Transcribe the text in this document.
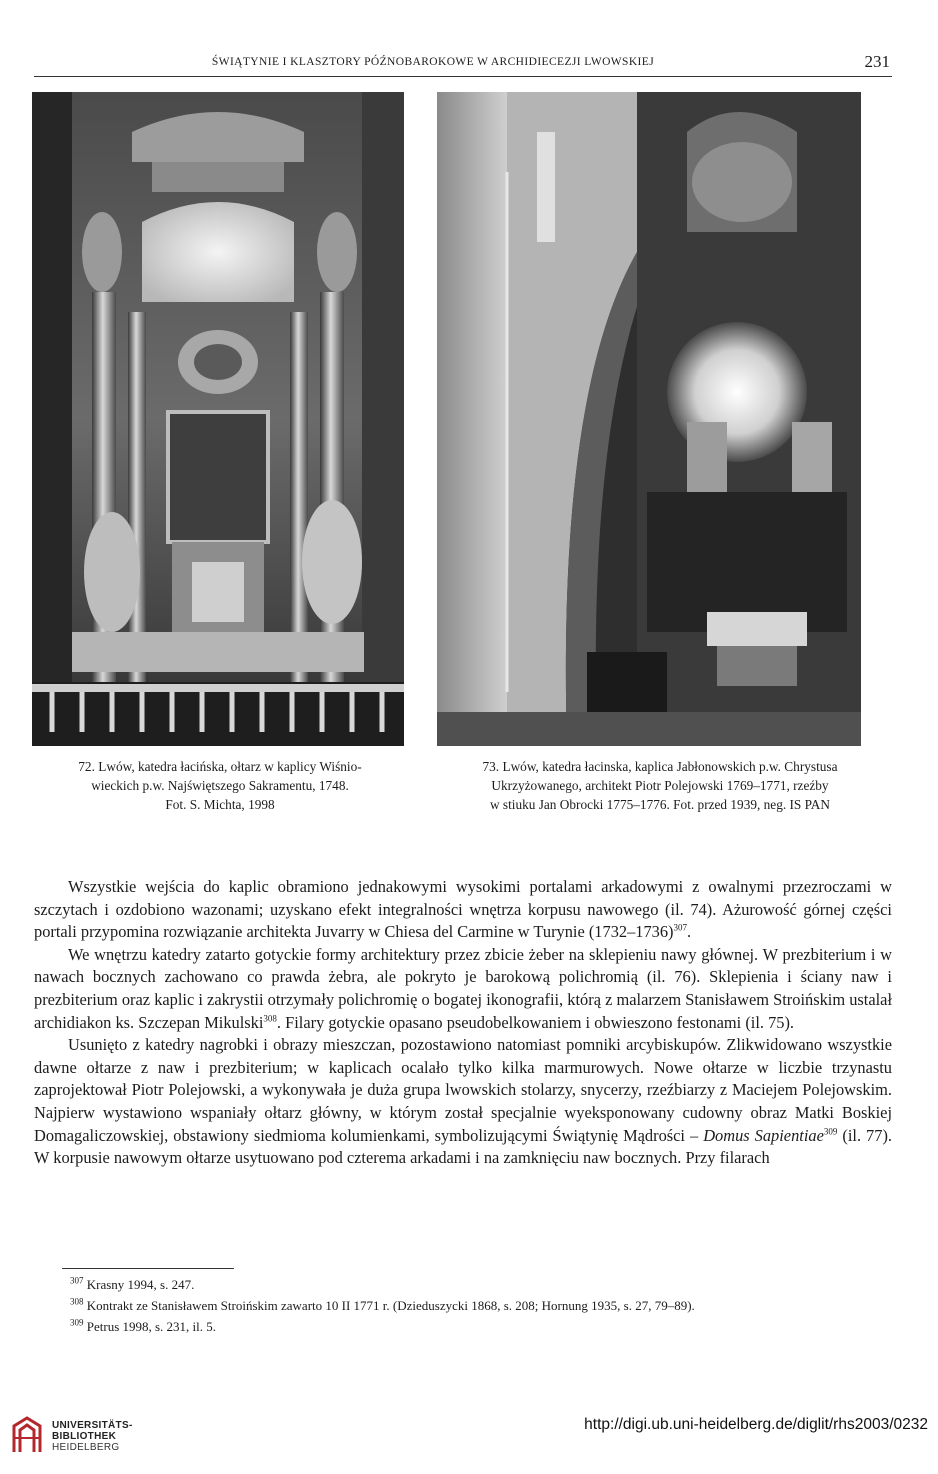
ŚWIĄTYNIE I KLASZTORY PÓŹNOBAROKOWE W ARCHIDIECEZJI LWOWSKIEJ	231
72. Lwów, katedra łacińska, ołtarz w kaplicy Wiśnio-
wieckich p.w. Najświętszego Sakramentu, 1748.
Fot. S. Michta, 1998
73. Lwów, katedra łacinska, kaplica Jabłonowskich p.w. Chrystusa
Ukrzyżowanego, architekt Piotr Polejowski 1769–1771, rzeźby
w stiuku Jan Obrocki 1775–1776. Fot. przed 1939, neg. IS PAN

Wszystkie wejścia do kaplic obramiono jednakowymi wysokimi portalami arkadowymi z owalnymi przezroczami w szczytach i ozdobiono wazonami; uzyskano efekt integralności wnętrza korpusu nawowego (il. 74). Ażurowość górnej części portali przypomina rozwiązanie architekta Juvarry w Chiesa del Carmine w Turynie (1732–1736)$^{307}$.

We wnętrzu katedry zatarto gotyckie formy architektury przez zbicie żeber na sklepieniu nawy głównej. W prezbiterium i w nawach bocznych zachowano co prawda żebra, ale pokryto je barokową polichromią (il. 76). Sklepienia i ściany naw i prezbiterium oraz kaplic i zakrystii otrzymały polichromię o bogatej ikonografii, którą z malarzem Stanisławem Stroińskim ustalał archidiakon ks. Szczepan Mikulski$^{308}$. Filary gotyckie opasano pseudobelkowaniem i obwieszono festonami (il. 75).

Usunięto z katedry nagrobki i obrazy mieszczan, pozostawiono natomiast pomniki arcybiskupów. Zlikwidowano wszystkie dawne ołtarze z naw i prezbiterium; w kaplicach ocalało tylko kilka marmurowych. Nowe ołtarze w liczbie trzynastu zaprojektował Piotr Polejowski, a wykonywała je duża grupa lwowskich stolarzy, snycerzy, rzeźbiarzy z Maciejem Polejowskim. Najpierw wystawiono wspaniały ołtarz główny, w którym został specjalnie wyeksponowany cudowny obraz Matki Boskiej Domagaliczowskiej, obstawiony siedmioma kolumienkami, symbolizującymi Świątynię Mądrości – Domus Sapientiae$^{309}$ (il. 77). W korpusie nawowym ołtarze usytuowano pod czterema arkadami i na zamknięciu naw bocznych. Przy filarach

$^{307}$ Krasny 1994, s. 247.
$^{308}$ Kontrakt ze Stanisławem Stroińskim zawarto 10 II 1771 r. (Dzieduszycki 1868, s. 208; Hornung 1935, s. 27, 79–89).
$^{309}$ Petrus 1998, s. 231, il. 5.
UNIVERSITÄTS-
BIBLIOTHEK
HEIDELBERG
http://digi.ub.uni-heidelberg.de/diglit/rhs2003/0232
